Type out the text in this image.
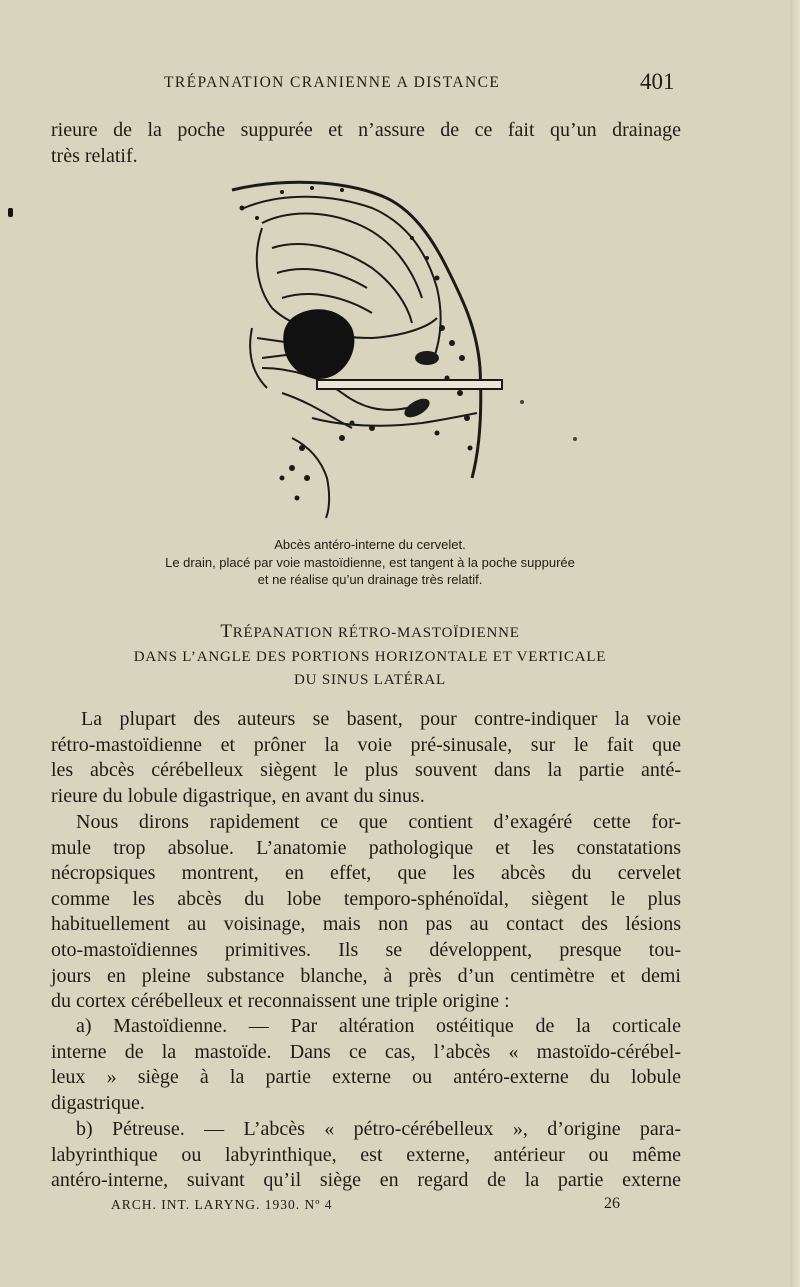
TRÉPANATION CRANIENNE A DISTANCE	401
rieure de la poche suppurée et n’assure de ce fait qu’un drainage
très relatif.
Abcès antéro-interne du cervelet.
Le drain, placé par voie mastoïdienne, est tangent à la poche suppurée
et ne réalise qu’un drainage très relatif.
TRÉPANATION RÉTRO-MASTOÏDIENNE
DANS L’ANGLE DES PORTIONS HORIZONTALE ET VERTICALE
DU SINUS LATÉRAL
La plupart des auteurs se basent, pour contre-indiquer la voie
rétro-mastoïdienne et prôner la voie pré-sinusale, sur le fait que
les abcès cérébelleux siègent le plus souvent dans la partie anté-
rieure du lobule digastrique, en avant du sinus.
Nous dirons rapidement ce que contient d’exagéré cette for-
mule trop absolue. L’anatomie pathologique et les constatations
nécropsiques montrent, en effet, que les abcès du cervelet
comme les abcès du lobe temporo-sphénoïdal, siègent le plus
habituellement au voisinage, mais non pas au contact des lésions
oto-mastoïdiennes primitives. Ils se développent, presque tou-
jours en pleine substance blanche, à près d’un centimètre et demi
du cortex cérébelleux et reconnaissent une triple origine :
a) Mastoïdienne. — Par altération ostéitique de la corticale
interne de la mastoïde. Dans ce cas, l’abcès « mastoïdo-cérébel-
leux » siège à la partie externe ou antéro-externe du lobule
digastrique.
b) Pétreuse. — L’abcès « pétro-cérébelleux », d’origine para-
labyrinthique ou labyrinthique, est externe, antérieur ou même
antéro-interne, suivant qu’il siège en regard de la partie externe
ARCH. INT. LARYNG. 1930. Nº 4	26
